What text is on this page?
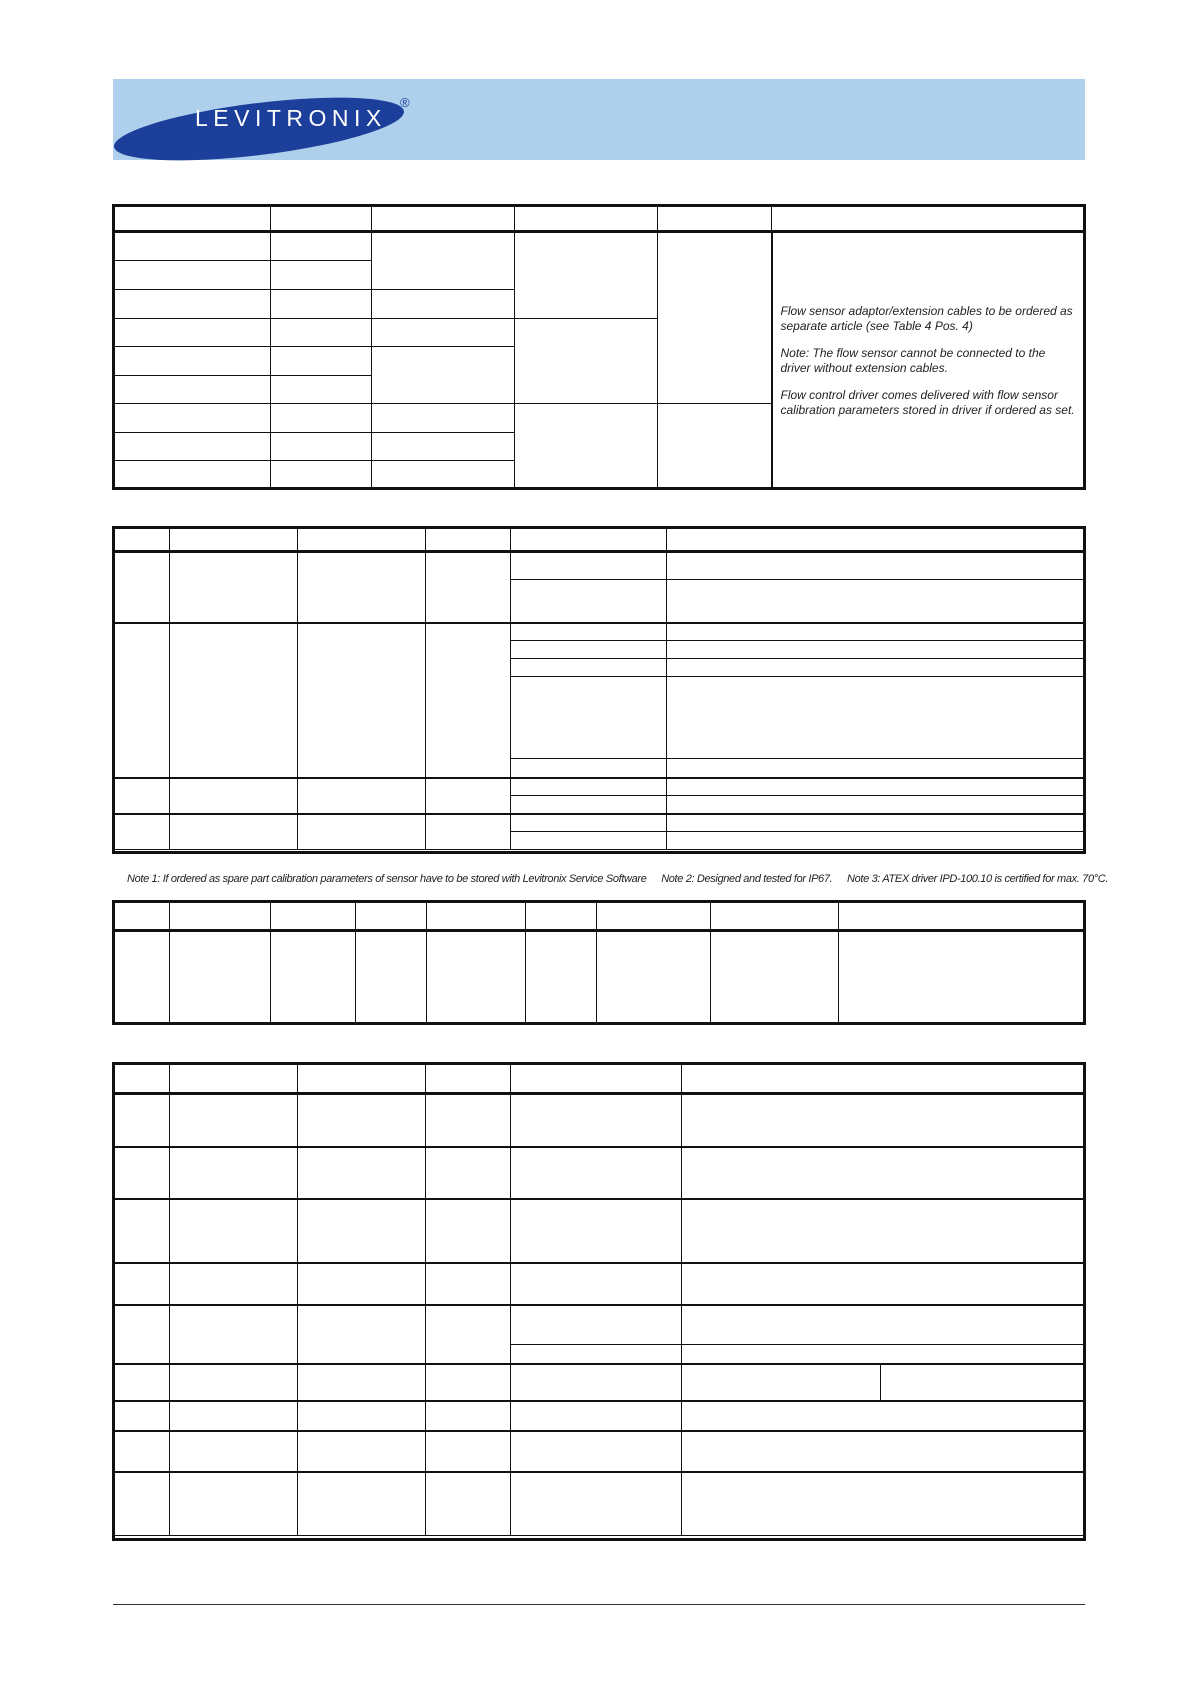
LEVITRONIX
®

					Flow sensor adaptor/extension cables to be ordered as separate article (see Table 4 Pos. 4)

Note: The flow sensor cannot be connected to the driver without extension cables.

Flow control driver comes delivered with flow sensor calibration parameters stored in driver if ordered as set.

Note 1: If ordered as spare part calibration parameters of sensor have to be stored with Levitronix Service Software Note 2: Designed and tested for IP67. Note 3: ATEX driver IPD-100.10 is certified for max. 70°C.
